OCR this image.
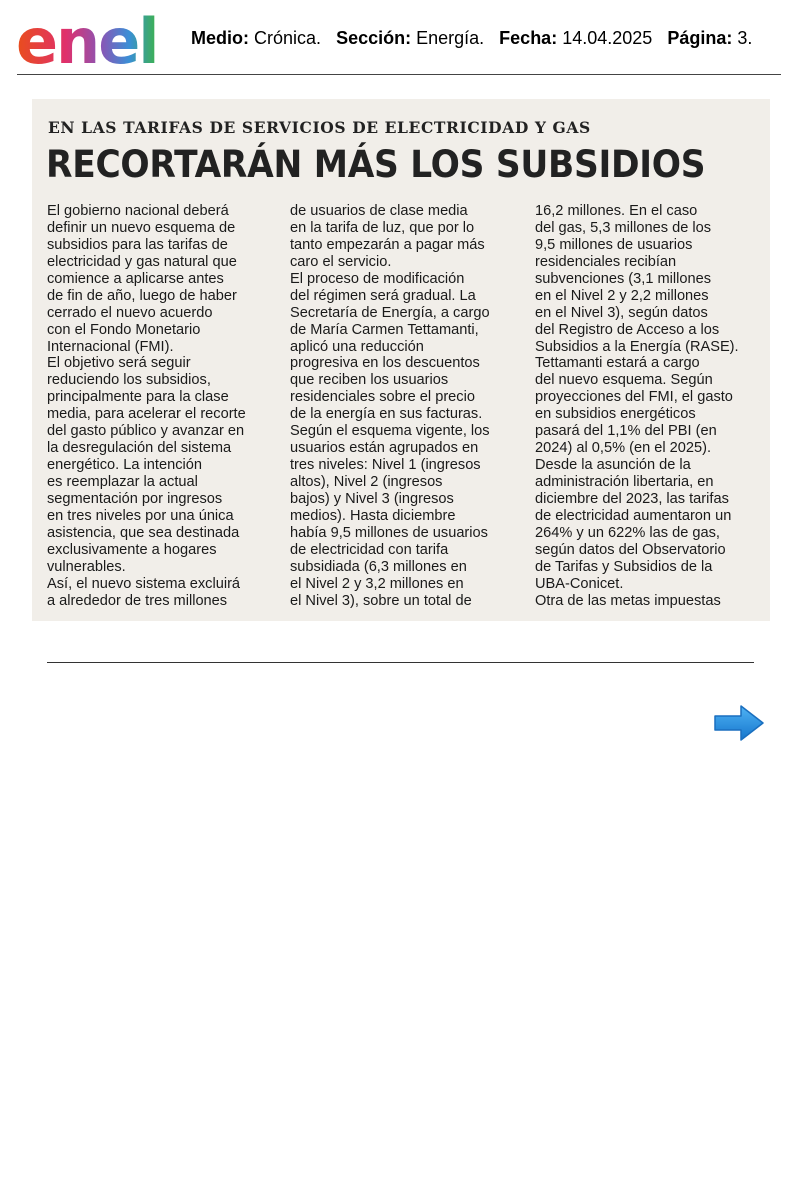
enel Medio: Crónica. Sección: Energía. Fecha: 14.04.2025 Página: 3.
EN LAS TARIFAS DE SERVICIOS DE ELECTRICIDAD Y GAS
RECORTARÁN MÁS LOS SUBSIDIOS
El gobierno nacional deberá
definir un nuevo esquema de
subsidios para las tarifas de
electricidad y gas natural que
comience a aplicarse antes
de fin de año, luego de haber
cerrado el nuevo acuerdo
con el Fondo Monetario
Internacional (FMI).
El objetivo será seguir
reduciendo los subsidios,
principalmente para la clase
media, para acelerar el recorte
del gasto público y avanzar en
la desregulación del sistema
energético. La intención
es reemplazar la actual
segmentación por ingresos
en tres niveles por una única
asistencia, que sea destinada
exclusivamente a hogares
vulnerables.
Así, el nuevo sistema excluirá
a alrededor de tres millones
de usuarios de clase media
en la tarifa de luz, que por lo
tanto empezarán a pagar más
caro el servicio.
El proceso de modificación
del régimen será gradual. La
Secretaría de Energía, a cargo
de María Carmen Tettamanti,
aplicó una reducción
progresiva en los descuentos
que reciben los usuarios
residenciales sobre el precio
de la energía en sus facturas.
Según el esquema vigente, los
usuarios están agrupados en
tres niveles: Nivel 1 (ingresos
altos), Nivel 2 (ingresos
bajos) y Nivel 3 (ingresos
medios). Hasta diciembre
había 9,5 millones de usuarios
de electricidad con tarifa
subsidiada (6,3 millones en
el Nivel 2 y 3,2 millones en
el Nivel 3), sobre un total de
16,2 millones. En el caso
del gas, 5,3 millones de los
9,5 millones de usuarios
residenciales recibían
subvenciones (3,1 millones
en el Nivel 2 y 2,2 millones
en el Nivel 3), según datos
del Registro de Acceso a los
Subsidios a la Energía (RASE).
Tettamanti estará a cargo
del nuevo esquema. Según
proyecciones del FMI, el gasto
en subsidios energéticos
pasará del 1,1% del PBI (en
2024) al 0,5% (en el 2025).
Desde la asunción de la
administración libertaria, en
diciembre del 2023, las tarifas
de electricidad aumentaron un
264% y un 622% las de gas,
según datos del Observatorio
de Tarifas y Subsidios de la
UBA-Conicet.
Otra de las metas impuestas
